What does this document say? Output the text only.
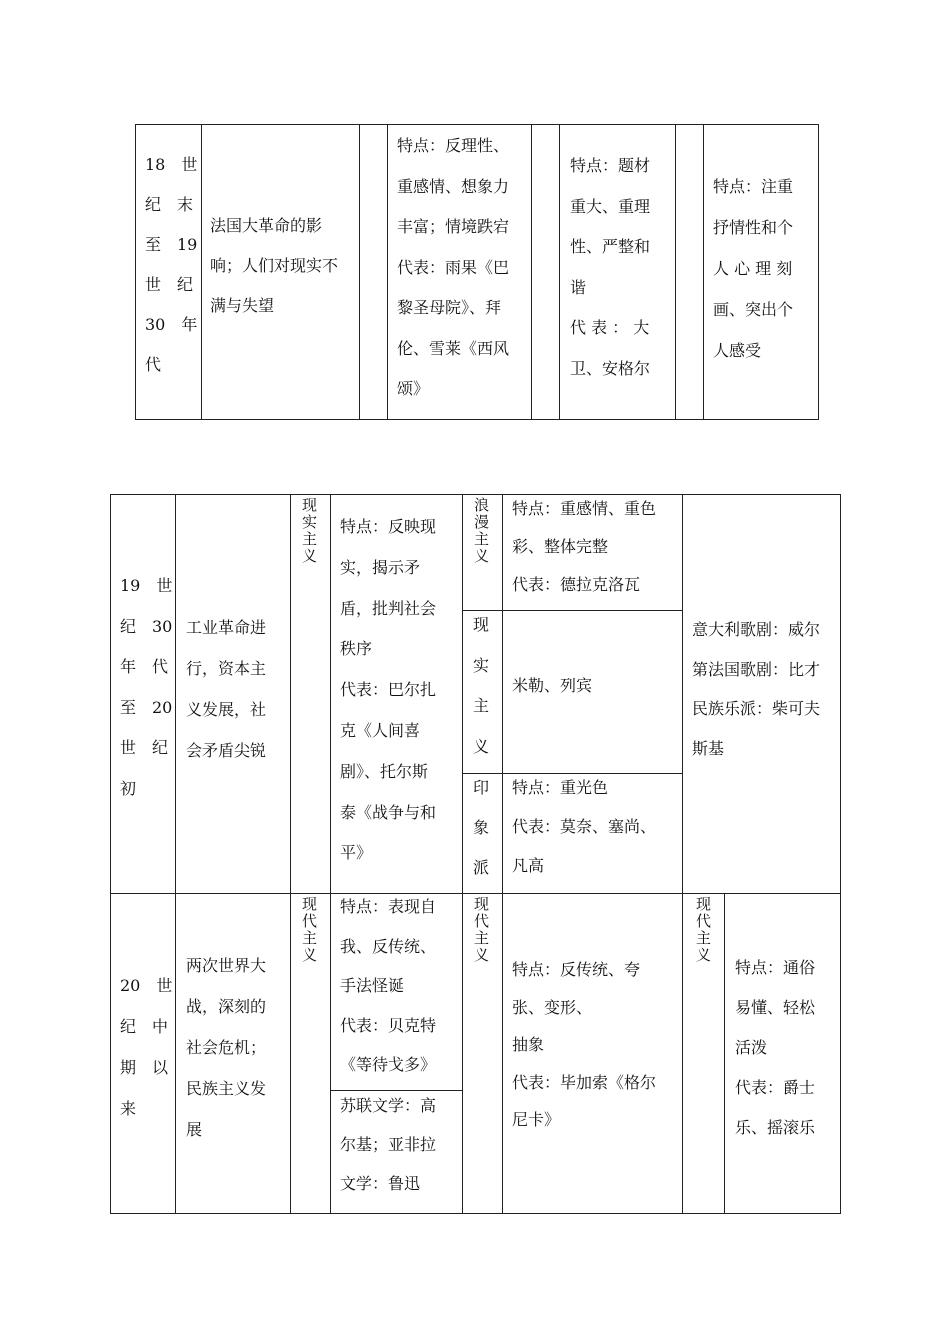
18　世
纪　末
至　19
世　纪
30　年
代
法国大革命的影
响；人们对现实不
满与失望
特点：反理性、
重感情、想象力
丰富；情境跌宕
代表：雨果《巴
黎圣母院》、拜
伦、雪莱《西风
颂》
特点：题材
重大、重理
性、严整和
谐
代 表 ： 大
卫、安格尔
特点：注重
抒情性和个
人 心 理 刻
画、突出个
人感受
19　世
纪　30
年　代
至　20
世　纪
初
工业革命进
行，资本主
义发展，社
会矛盾尖锐
现
实
主
义
特点：反映现
实，揭示矛
盾，批判社会
秩序
代表：巴尔扎
克《人间喜
剧》、托尔斯
泰《战争与和
平》
浪
漫
主
义
特点：重感情、重色
彩、整体完整
代表：德拉克洛瓦
现
实
主
义
米勒、列宾
印
象
派
特点：重光色
代表：莫奈、塞尚、
凡高
意大利歌剧：威尔
第法国歌剧：比才
民族乐派：柴可夫
斯基
20　世
纪　中
期　以
来
两次世界大
战，深刻的
社会危机；
民族主义发
展
现
代
主
义
特点：表现自
我、反传统、
手法怪诞
代表：贝克特
《等待戈多》
苏联文学：高
尔基；亚非拉
文学：鲁迅
现
代
主
义
特点：反传统、夸
张、变形、
抽象
代表：毕加索《格尔
尼卡》
现
代
主
义
特点：通俗
易懂、轻松
活泼
代表：爵士
乐、摇滚乐
